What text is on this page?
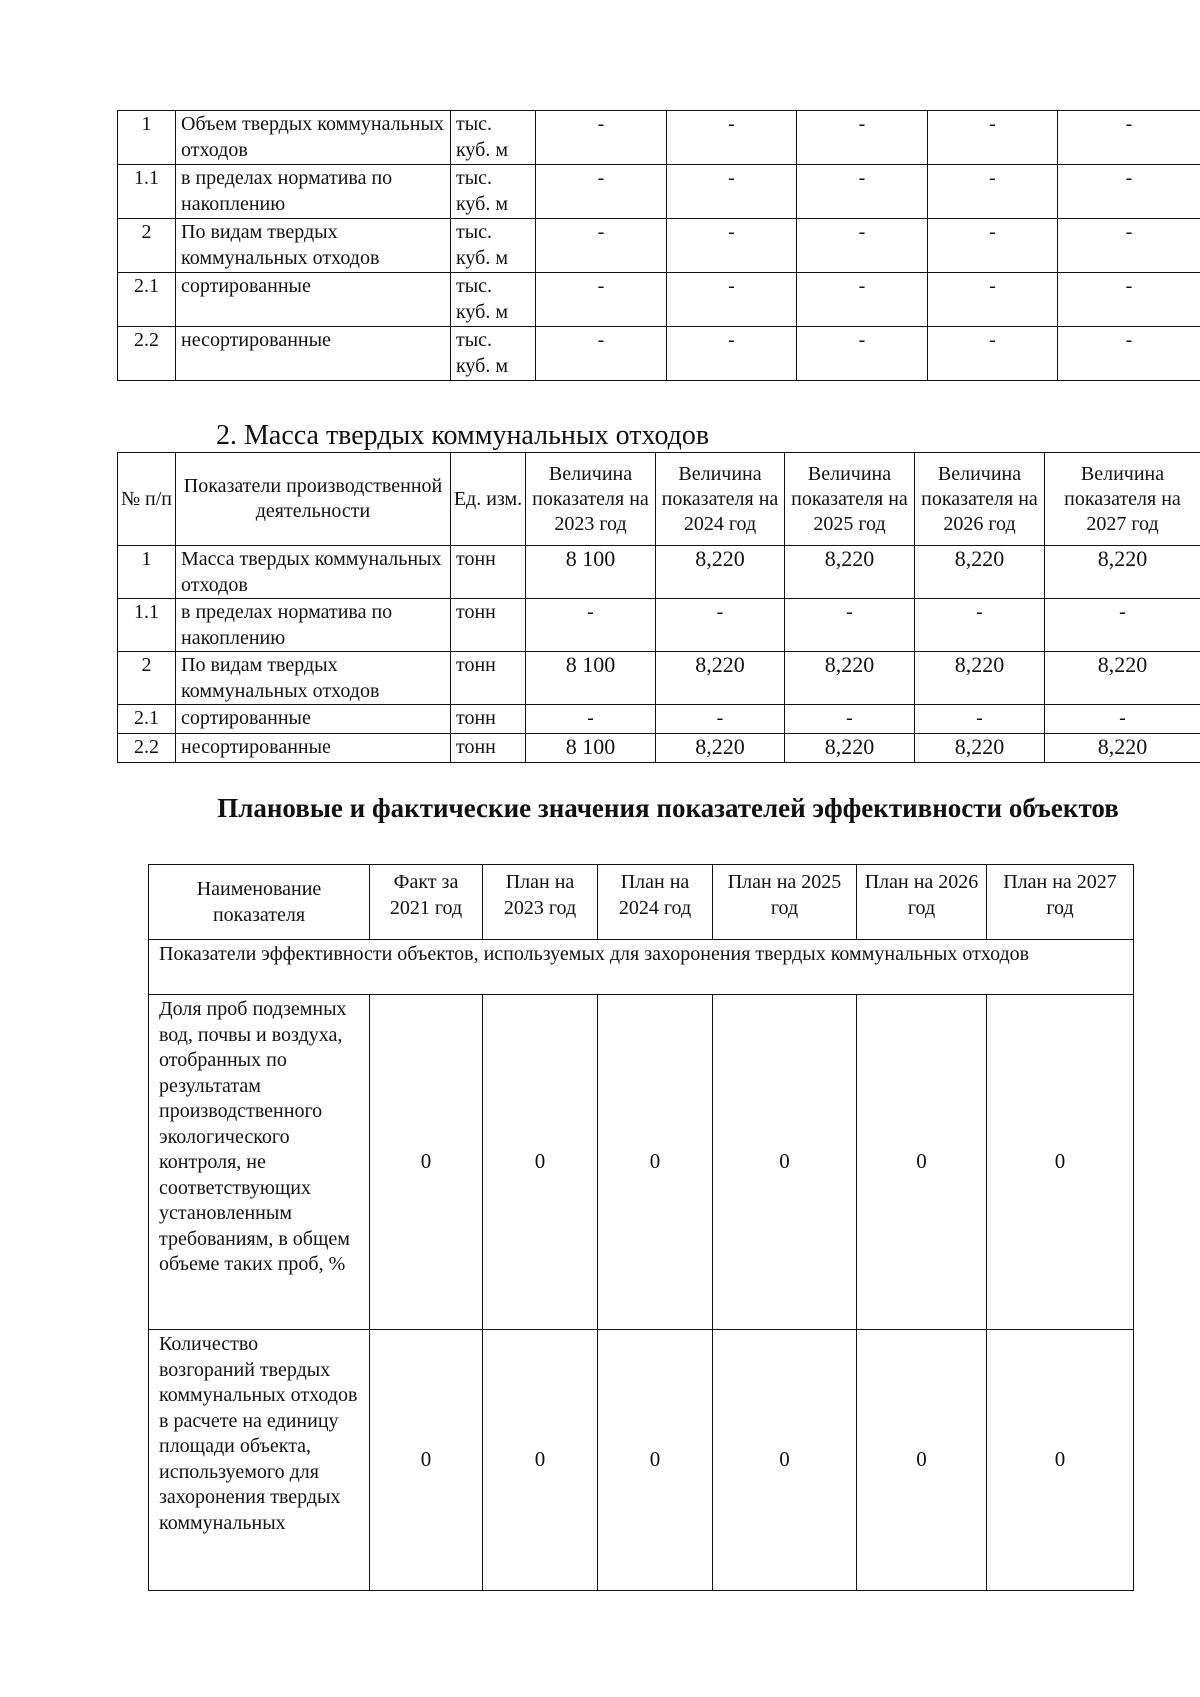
1	Объем твердых коммунальных отходов	тыс. куб. м	-	-	-	-	-
1.1	в пределах норматива по накоплению	тыс. куб. м	-	-	-	-	-
2	По видам твердых коммунальных отходов	тыс. куб. м	-	-	-	-	-
2.1	сортированные	тыс. куб. м	-	-	-	-	-
2.2	несортированные	тыс. куб. м	-	-	-	-	-
2. Масса твердых коммунальных отходов
№ п/п	Показатели производственной деятельности	Ед. изм.	Величина показателя на 2023 год	Величина показателя на 2024 год	Величина показателя на 2025 год	Величина показателя на 2026 год	Величина показателя на 2027 год
1	Масса твердых коммунальных отходов	тонн	8 100	8,220	8,220	8,220	8,220
1.1	в пределах норматива по накоплению	тонн	-	-	-	-	-
2	По видам твердых коммунальных отходов	тонн	8 100	8,220	8,220	8,220	8,220
2.1	сортированные	тонн	-	-	-	-	-
2.2	несортированные	тонн	8 100	8,220	8,220	8,220	8,220
Плановые и фактические значения показателей эффективности объектов
Наименование показателя	Факт за 2021 год	План на 2023 год	План на 2024 год	План на 2025 год	План на 2026 год	План на 2027 год
Показатели эффективности объектов, используемых для захоронения твердых коммунальных отходов						
Доля проб подземных вод, почвы и воздуха, отобранных по результатам производственного экологического контроля, не соответствующих установленным требованиям, в общем объеме таких проб, %	0	0	0	0	0	0
Количество возгораний твердых коммунальных отходов в расчете на единицу площади объекта, используемого для захоронения твердых коммунальных	0	0	0	0	0	0
